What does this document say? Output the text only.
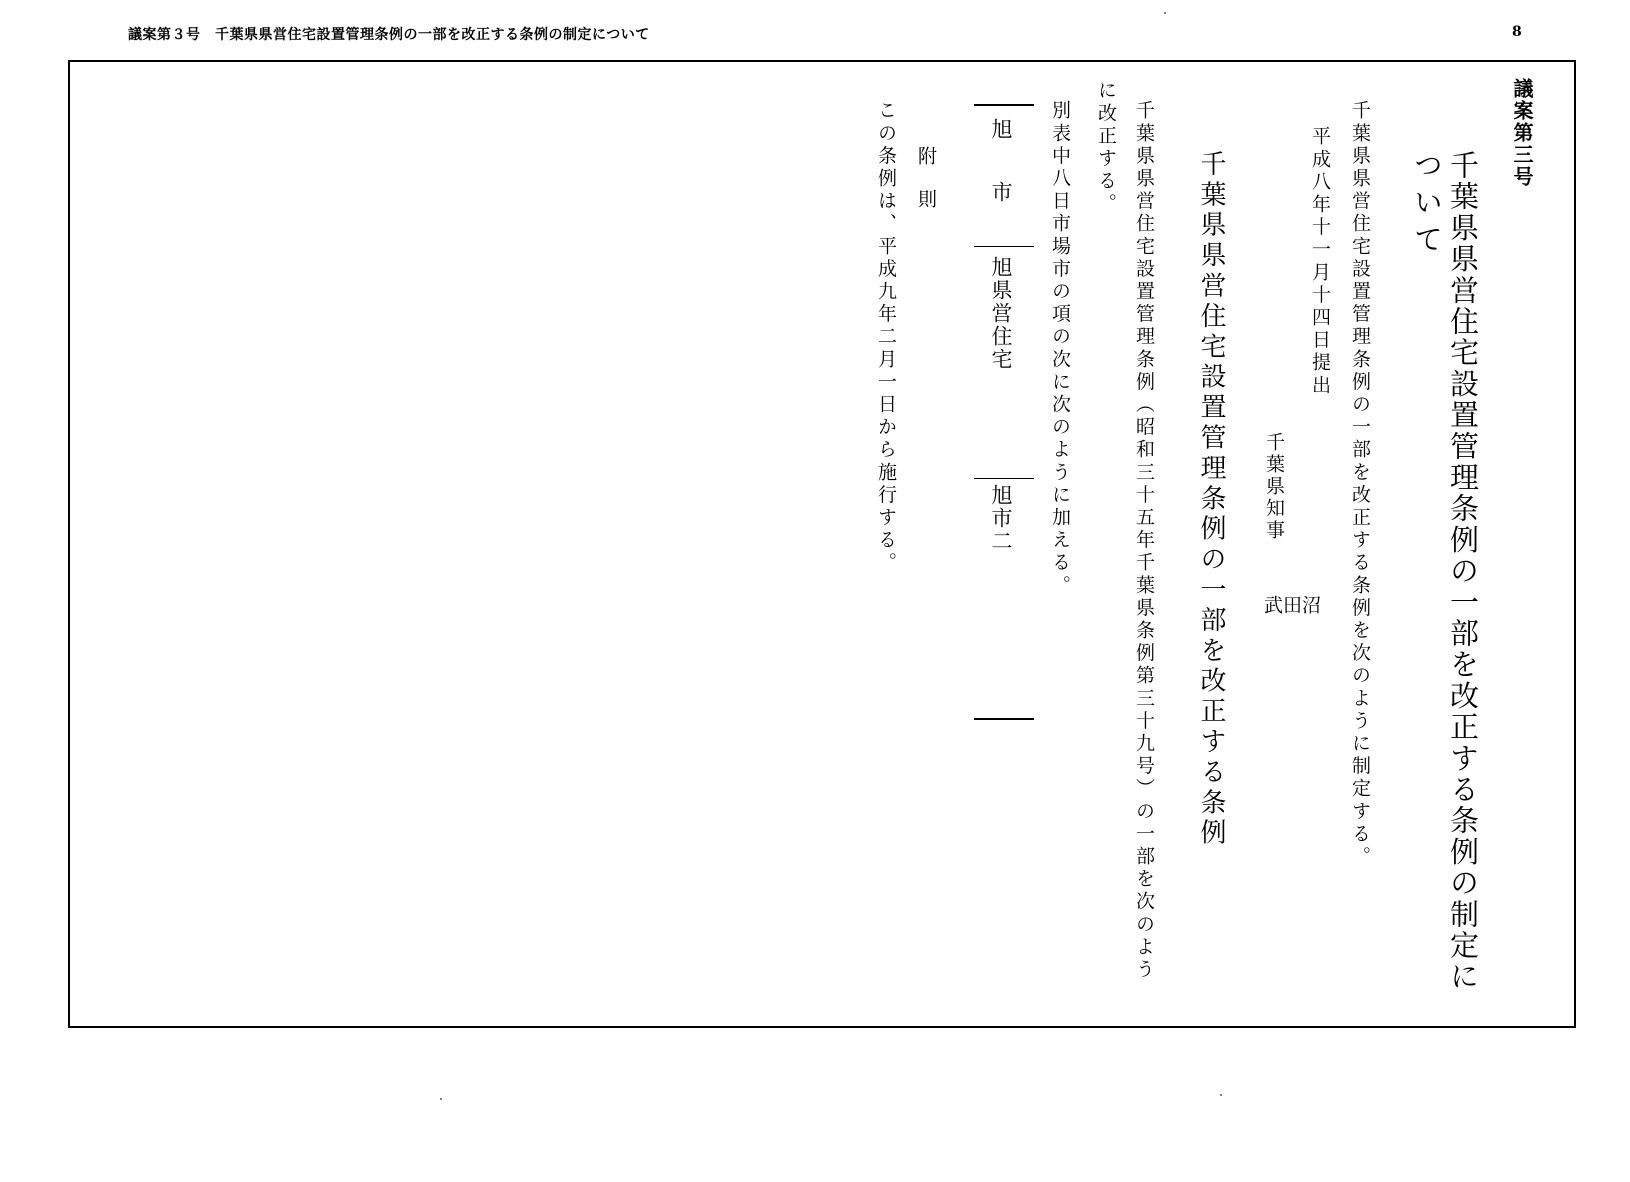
議案第３号　千葉県県営住宅設置管理条例の一部を改正する条例の制定について	8
議案第三号
千葉県県営住宅設置管理条例の一部を改正する条例の制定に
ついて
千葉県県営住宅設置管理条例の一部を改正する条例を次のように制定する。
平成八年十一月十四日提出
千葉県知事
沼
田
武
千葉県県営住宅設置管理条例の一部を改正する条例
千葉県県営住宅設置管理条例（昭和三十五年千葉県条例第三十九号）の一部を次のよう
に改正する。
別表中八日市場市の項の次に次のように加える。
旭市
旭県営住宅
旭市二
附則
この条例は、平成九年二月一日から施行する。
